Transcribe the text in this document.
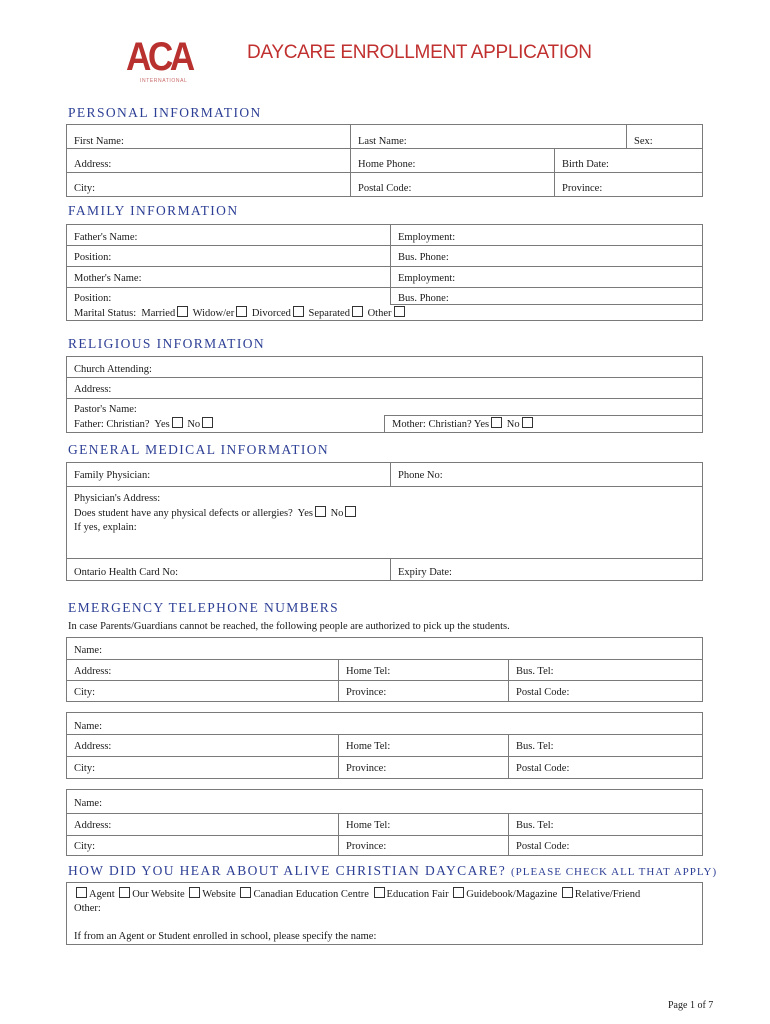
ACA
INTERNATIONAL
DAYCARE ENROLLMENT APPLICATION
PERSONAL INFORMATION
First Name:	Last Name:		Sex:
Address:	Home Phone:	Birth Date:	
City:	Postal Code:	Province:	
FAMILY INFORMATION
Father's Name:	Employment:
Position:	Bus. Phone:
Mother's Name:	Employment:
Position:	Bus. Phone:
Marital Status: Married Widow/er Divorced Separated Other	
RELIGIOUS INFORMATION
Church Attending:
Address:
Pastor's Name:
Father: Christian? Yes No	Mother: Christian? Yes No
GENERAL MEDICAL INFORMATION
Family Physician:	Phone No:
Physician's Address:	
Does student have any physical defects or allergies? Yes No	
If yes, explain:	
Ontario Health Card No:	Expiry Date:
EMERGENCY TELEPHONE NUMBERS
In case Parents/Guardians cannot be reached, the following people are authorized to pick up the students.
Name:		
Address:	Home Tel:	Bus. Tel:
City:	Province:	Postal Code:
Name:		
Address:	Home Tel:	Bus. Tel:
City:	Province:	Postal Code:
Name:		
Address:	Home Tel:	Bus. Tel:
City:	Province:	Postal Code:
HOW DID YOU HEAR ABOUT ALIVE CHRISTIAN DAYCARE? (PLEASE CHECK ALL THAT APPLY)
Agent Our Website Website Canadian Education Centre Education Fair Guidebook/Magazine Relative/Friend
Other:

If from an Agent or Student enrolled in school, please specify the name:
Page 1 of 7
